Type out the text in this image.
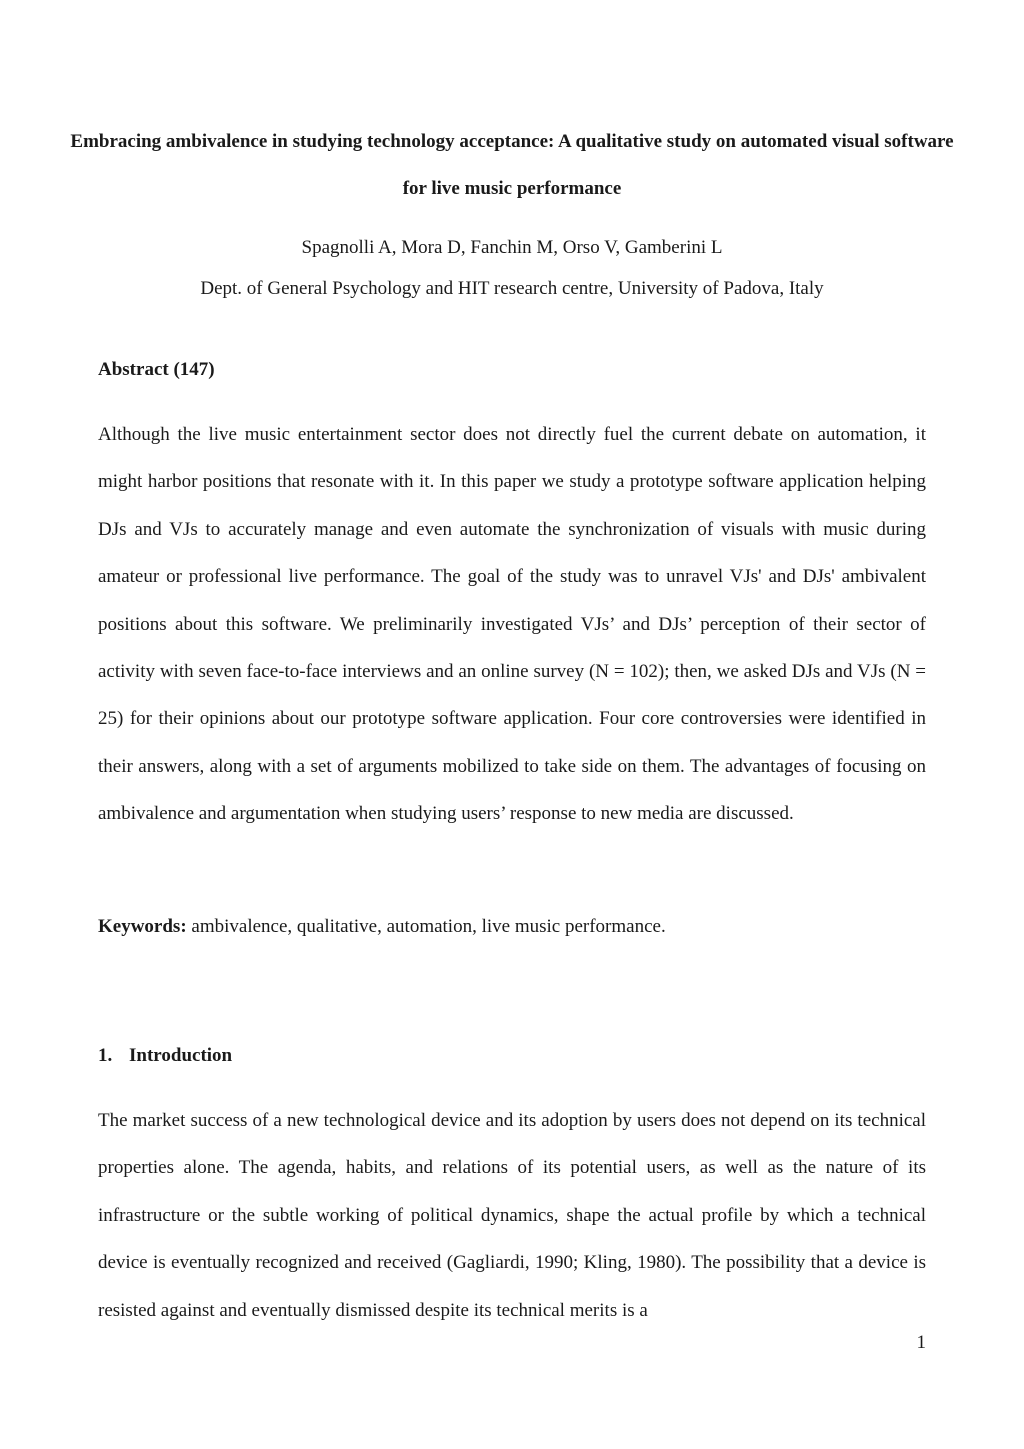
Embracing ambivalence in studying technology acceptance: A qualitative study on automated visual software for live music performance
Spagnolli A, Mora D, Fanchin M, Orso V, Gamberini L
Dept. of General Psychology and HIT research centre, University of Padova, Italy
Abstract (147)

Although the live music entertainment sector does not directly fuel the current debate on automation, it might harbor positions that resonate with it. In this paper we study a prototype software application helping DJs and VJs to accurately manage and even automate the synchronization of visuals with music during amateur or professional live performance. The goal of the study was to unravel VJs' and DJs' ambivalent positions about this software. We preliminarily investigated VJs’ and DJs’ perception of their sector of activity with seven face-to-face interviews and an online survey (N = 102); then, we asked DJs and VJs (N = 25) for their opinions about our prototype software application. Four core controversies were identified in their answers, along with a set of arguments mobilized to take side on them. The advantages of focusing on ambivalence and argumentation when studying users’ response to new media are discussed.

Keywords: ambivalence, qualitative, automation, live music performance.
1. Introduction

The market success of a new technological device and its adoption by users does not depend on its technical properties alone. The agenda, habits, and relations of its potential users, as well as the nature of its infrastructure or the subtle working of political dynamics, shape the actual profile by which a technical device is eventually recognized and received (Gagliardi, 1990; Kling, 1980). The possibility that a device is resisted against and eventually dismissed despite its technical merits is a

1
